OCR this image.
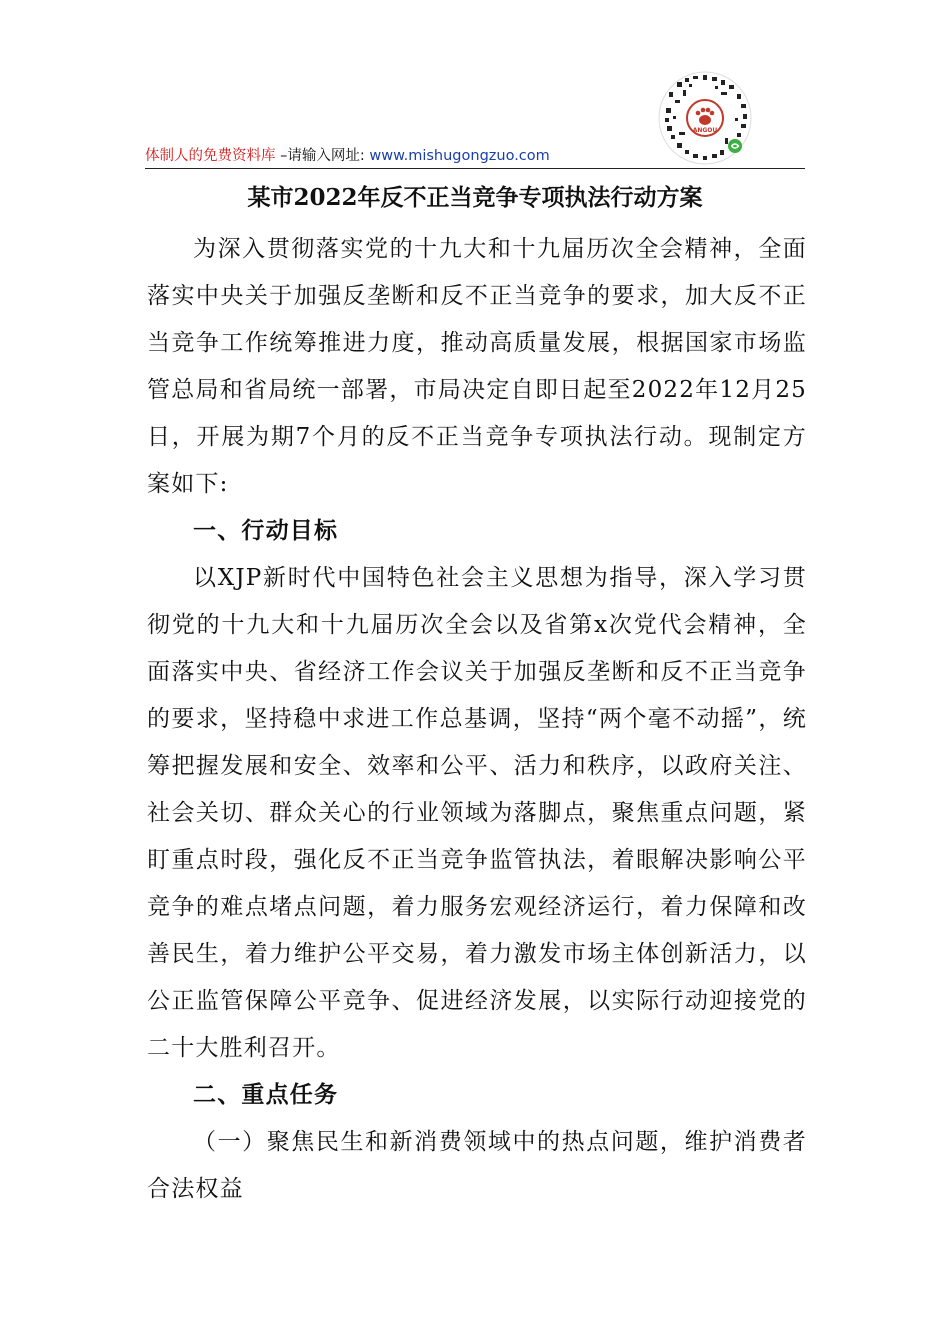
ANGOU
体制人的免费资料库 –请输入网址: www.mishugongzuo.com
某市2022年反不正当竞争专项执法行动方案

为深入贯彻落实党的十九大和十九届历次全会精神，全面落实中央关于加强反垄断和反不正当竞争的要求，加大反不正当竞争工作统筹推进力度，推动高质量发展，根据国家市场监管总局和省局统一部署，市局决定自即日起至2022年12月25日，开展为期7个月的反不正当竞争专项执法行动。现制定方案如下:

一、行动目标

以XJP新时代中国特色社会主义思想为指导，深入学习贯彻党的十九大和十九届历次全会以及省第x次党代会精神，全面落实中央、省经济工作会议关于加强反垄断和反不正当竞争的要求，坚持稳中求进工作总基调，坚持“两个毫不动摇”，统筹把握发展和安全、效率和公平、活力和秩序，以政府关注、社会关切、群众关心的行业领域为落脚点，聚焦重点问题，紧盯重点时段，强化反不正当竞争监管执法，着眼解决影响公平竞争的难点堵点问题，着力服务宏观经济运行，着力保障和改善民生，着力维护公平交易，着力激发市场主体创新活力，以公正监管保障公平竞争、促进经济发展，以实际行动迎接党的二十大胜利召开。

二、重点任务

（一）聚焦民生和新消费领域中的热点问题，维护消费者合法权益
